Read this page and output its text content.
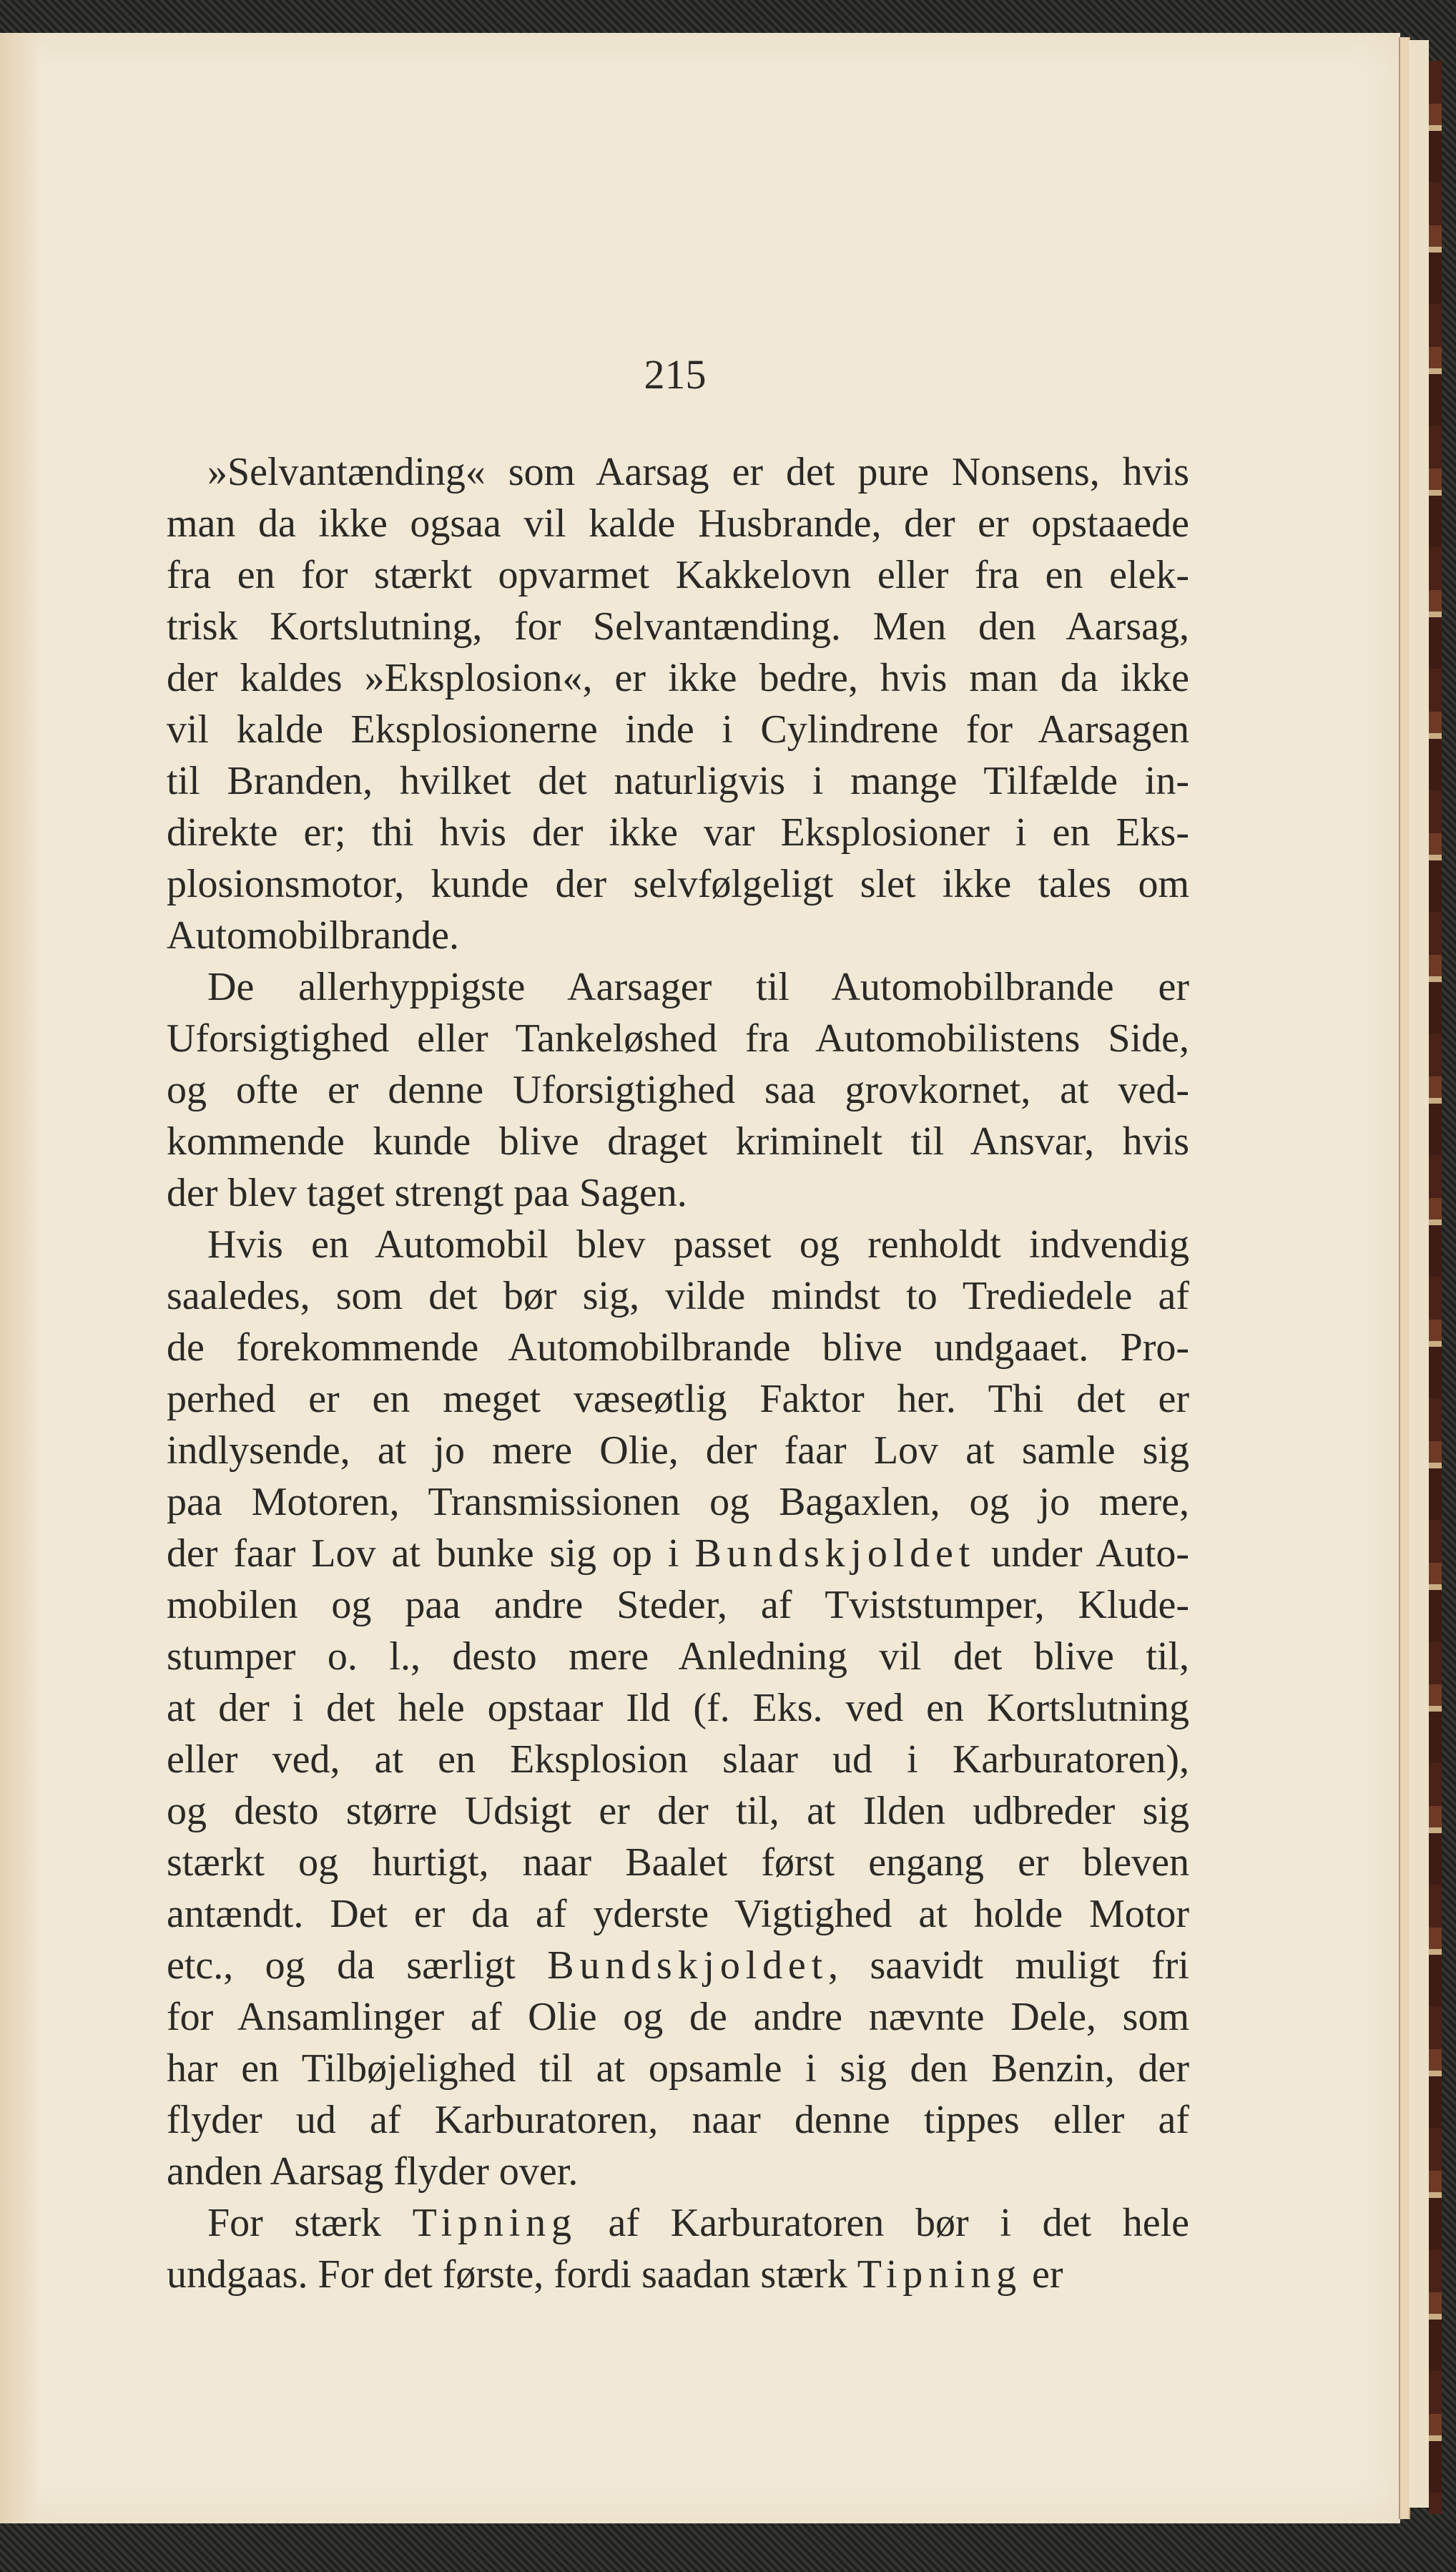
215
»Selvantænding« som Aarsag er det pure Nonsens, hvis
man da ikke ogsaa vil kalde Husbrande, der er opstaaede
fra en for stærkt opvarmet Kakkelovn eller fra en elek-
trisk Kortslutning, for Selvantænding. Men den Aarsag,
der kaldes »Eksplosion«, er ikke bedre, hvis man da ikke
vil kalde Eksplosionerne inde i Cylindrene for Aarsagen
til Branden, hvilket det naturligvis i mange Tilfælde in-
direkte er; thi hvis der ikke var Eksplosioner i en Eks-
plosionsmotor, kunde der selvfølgeligt slet ikke tales om
Automobilbrande.
De allerhyppigste Aarsager til Automobilbrande er
Uforsigtighed eller Tankeløshed fra Automobilistens Side,
og ofte er denne Uforsigtighed saa grovkornet, at ved-
kommende kunde blive draget kriminelt til Ansvar, hvis
der blev taget strengt paa Sagen.
Hvis en Automobil blev passet og renholdt indvendig
saaledes, som det bør sig, vilde mindst to Trediedele af
de forekommende Automobilbrande blive undgaaet. Pro-
perhed er en meget væseøtlig Faktor her. Thi det er
indlysende, at jo mere Olie, der faar Lov at samle sig
paa Motoren, Transmissionen og Bagaxlen, og jo mere,
der faar Lov at bunke sig op i Bundskjoldet under Auto-
mobilen og paa andre Steder, af Tviststumper, Klude-
stumper o. l., desto mere Anledning vil det blive til,
at der i det hele opstaar Ild (f. Eks. ved en Kortslutning
eller ved, at en Eksplosion slaar ud i Karburatoren),
og desto større Udsigt er der til, at Ilden udbreder sig
stærkt og hurtigt, naar Baalet først engang er bleven
antændt. Det er da af yderste Vigtighed at holde Motor
etc., og da særligt Bundskjoldet, saavidt muligt fri
for Ansamlinger af Olie og de andre nævnte Dele, som
har en Tilbøjelighed til at opsamle i sig den Benzin, der
flyder ud af Karburatoren, naar denne tippes eller af
anden Aarsag flyder over.
For stærk Tipning af Karburatoren bør i det hele
undgaas. For det første, fordi saadan stærk Tipning er
